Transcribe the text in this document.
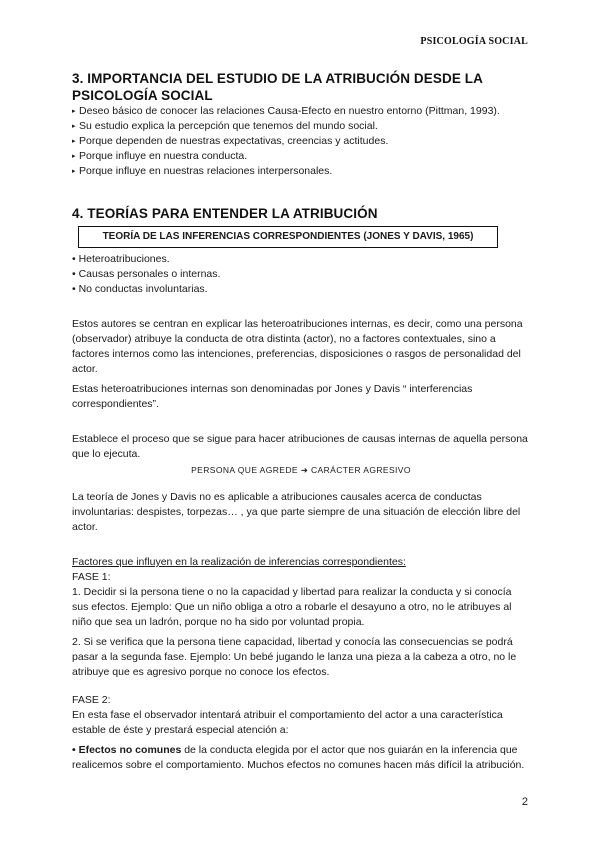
PSICOLOGÍA SOCIAL
3. IMPORTANCIA DEL ESTUDIO DE LA ATRIBUCIÓN DESDE LA
PSICOLOGÍA SOCIAL
▸ Deseo básico de conocer las relaciones Causa-Efecto en nuestro entorno (Pittman, 1993).
▸ Su estudio explica la percepción que tenemos del mundo social.
▸ Porque dependen de nuestras expectativas, creencias y actitudes.
▸ Porque influye en nuestra conducta.
▸ Porque influye en nuestras relaciones interpersonales.
4. TEORÍAS PARA ENTENDER LA ATRIBUCIÓN
TEORÍA DE LAS INFERENCIAS CORRESPONDIENTES (JONES Y DAVIS, 1965)
• Heteroatribuciones.
• Causas personales o internas.
• No conductas involuntarias.

Estos autores se centran en explicar las heteroatribuciones internas, es decir, como una persona (observador) atribuye la conducta de otra distinta (actor), no a factores contextuales, sino a factores internos como las intenciones, preferencias, disposiciones o rasgos de personalidad del actor.

Estas heteroatribuciones internas son denominadas por Jones y Davis “ interferencias correspondientes”.

Establece el proceso que se sigue para hacer atribuciones de causas internas de aquella persona que lo ejecuta.

PERSONA QUE AGREDE ➜ CARÁCTER AGRESIVO

La teoría de Jones y Davis no es aplicable a atribuciones causales acerca de conductas involuntarias: despistes, torpezas… , ya que parte siempre de una situación de elección libre del actor.

Factores que influyen en la realización de inferencias correspondientes:

FASE 1:

1. Decidir si la persona tiene o no la capacidad y libertad para realizar la conducta y si conocía sus efectos. Ejemplo: Que un niño obliga a otro a robarle el desayuno a otro, no le atribuyes al niño que sea un ladrón, porque no ha sido por voluntad propia.

2. Si se verifica que la persona tiene capacidad, libertad y conocía las consecuencias se podrá pasar a la segunda fase. Ejemplo: Un bebé jugando le lanza una pieza a la cabeza a otro, no le atribuye que es agresivo porque no conoce los efectos.

FASE 2:

En esta fase el observador intentará atribuir el comportamiento del actor a una característica estable de éste y prestará especial atención a:

• Efectos no comunes de la conducta elegida por el actor que nos guiarán en la inferencia que realicemos sobre el comportamiento. Muchos efectos no comunes hacen más difícil la atribución.

2
